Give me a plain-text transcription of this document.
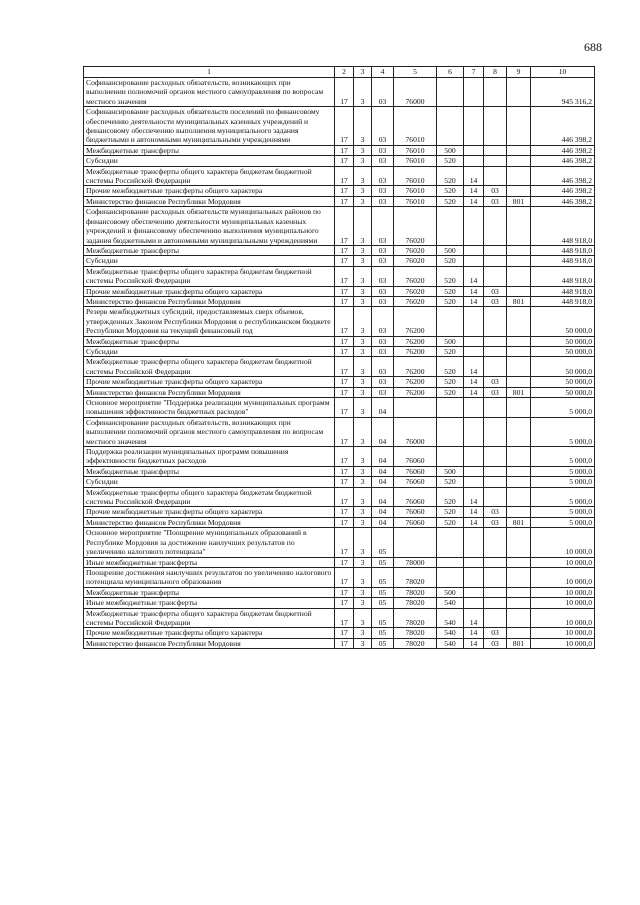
688
1	2	3	4	5	6	7	8	9	10
Софинансирование расходных обязательств, возникающих при выполнении полномочий органов местного самоуправления по вопросам местного значения	17	3	03	76000					945 316,2
Софинансирование расходных обязательств поселений по финансовому обеспечению деятельности муниципальных казенных учреждений и финансовому обеспечению выполнения муниципального задания бюджетными и автономными муниципальными учреждениями	17	3	03	76010					446 398,2
Межбюджетные трансферты	17	3	03	76010	500				446 398,2
Субсидии	17	3	03	76010	520				446 398,2
Межбюджетные трансферты общего характера бюджетам бюджетной системы Российской Федерации	17	3	03	76010	520	14			446 398,2
Прочие межбюджетные трансферты общего характера	17	3	03	76010	520	14	03		446 398,2
Министерство финансов Республики Мордовия	17	3	03	76010	520	14	03	801	446 398,2
Софинансирование расходных обязательств муниципальных районов по финансовому обеспечению деятельности муниципальных казенных учреждений и финансовому обеспечению выполнения муниципального задания бюджетными и автономными муниципальными учреждениями	17	3	03	76020					448 918,0
Межбюджетные трансферты	17	3	03	76020	500				448 918,0
Субсидии	17	3	03	76020	520				448 918,0
Межбюджетные трансферты общего характера бюджетам бюджетной системы Российской Федерации	17	3	03	76020	520	14			448 918,0
Прочие межбюджетные трансферты общего характера	17	3	03	76020	520	14	03		448 918,0
Министерство финансов Республики Мордовия	17	3	03	76020	520	14	03	801	448 918,0
Резерв межбюджетных субсидий, предоставляемых сверх объемов, утвержденных Законом Республики Мордовия о республиканском бюджете Республики Мордовия на текущий финансовый год	17	3	03	76200					50 000,0
Межбюджетные трансферты	17	3	03	76200	500				50 000,0
Субсидии	17	3	03	76200	520				50 000,0
Межбюджетные трансферты общего характера бюджетам бюджетной системы Российской Федерации	17	3	03	76200	520	14			50 000,0
Прочие межбюджетные трансферты общего характера	17	3	03	76200	520	14	03		50 000,0
Министерство финансов Республики Мордовия	17	3	03	76200	520	14	03	801	50 000,0
Основное мероприятие "Поддержка реализации муниципальных программ повышения эффективности бюджетных расходов"	17	3	04						5 000,0
Софинансирование расходных обязательств, возникающих при выполнении полномочий органов местного самоуправления по вопросам местного значения	17	3	04	76000					5 000,0
Поддержка реализации муниципальных программ повышения эффективности бюджетных расходов	17	3	04	76060					5 000,0
Межбюджетные трансферты	17	3	04	76060	500				5 000,0
Субсидии	17	3	04	76060	520				5 000,0
Межбюджетные трансферты общего характера бюджетам бюджетной системы Российской Федерации	17	3	04	76060	520	14			5 000,0
Прочие межбюджетные трансферты общего характера	17	3	04	76060	520	14	03		5 000,0
Министерство финансов Республики Мордовия	17	3	04	76060	520	14	03	801	5 000,0
Основное мероприятие "Поощрение муниципальных образований в Республике Мордовия за достижение наилучших результатов по увеличению налогового потенциала"	17	3	05						10 000,0
Иные межбюджетные трансферты	17	3	05	78000					10 000,0
Поощрение достижения наилучших результатов по увеличению налогового потенциала муниципального образования	17	3	05	78020					10 000,0
Межбюджетные трансферты	17	3	05	78020	500				10 000,0
Иные межбюджетные трансферты	17	3	05	78020	540				10 000,0
Межбюджетные трансферты общего характера бюджетам бюджетной системы Российской Федерации	17	3	05	78020	540	14			10 000,0
Прочие межбюджетные трансферты общего характера	17	3	05	78020	540	14	03		10 000,0
Министерство финансов Республики Мордовия	17	3	05	78020	540	14	03	801	10 000,0
